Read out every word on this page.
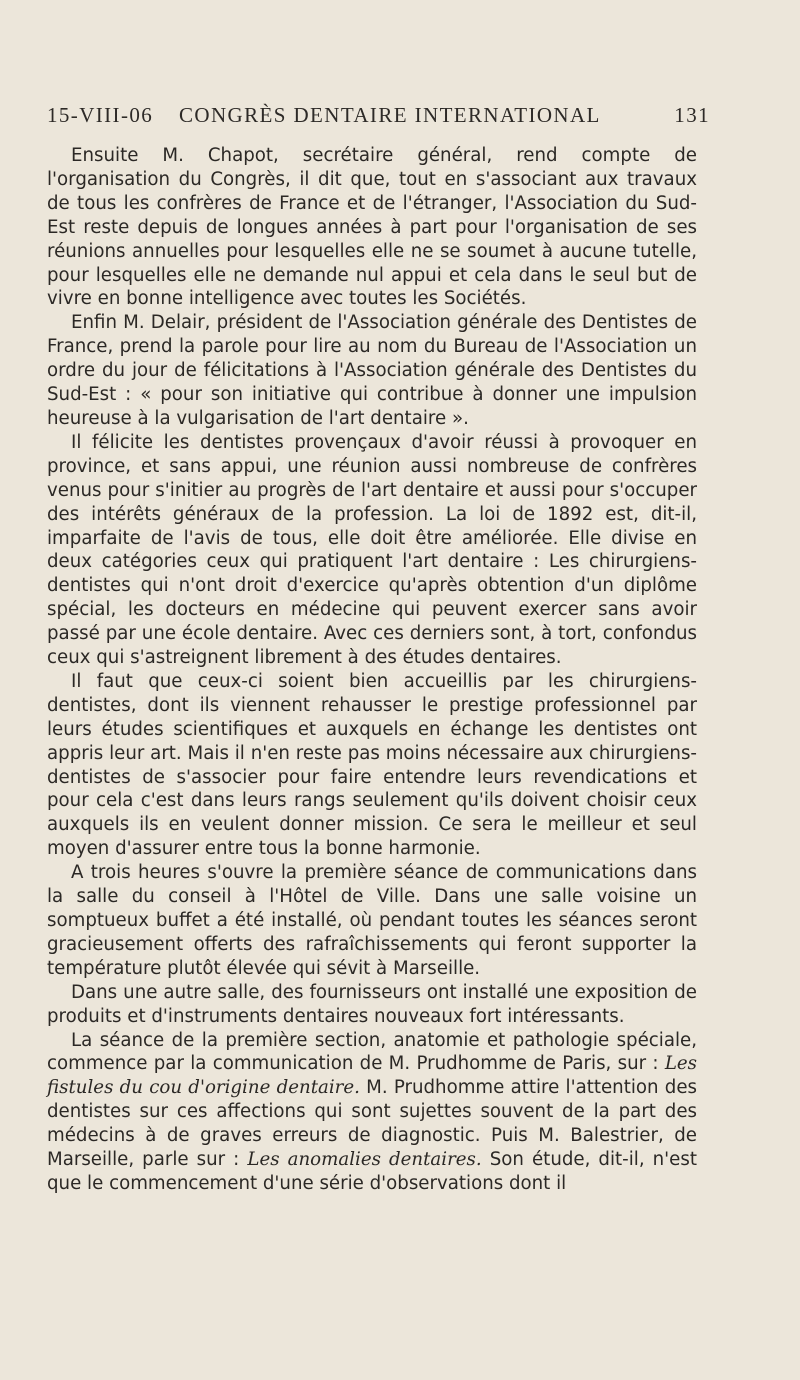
15-VIII-06 CONGRÈS DENTAIRE INTERNATIONAL	131

Ensuite M. Chapot, secrétaire général, rend compte de l'organisation du Congrès, il dit que, tout en s'associant aux travaux de tous les confrères de France et de l'étranger, l'Association du Sud-Est reste depuis de longues années à part pour l'organisation de ses réunions annuelles pour lesquelles elle ne se soumet à aucune tutelle, pour lesquelles elle ne demande nul appui et cela dans le seul but de vivre en bonne intelligence avec toutes les Sociétés.

Enfin M. Delair, président de l'Association générale des Dentistes de France, prend la parole pour lire au nom du Bureau de l'Association un ordre du jour de félicitations à l'Association générale des Dentistes du Sud-Est : « pour son initiative qui contribue à donner une impulsion heureuse à la vulgarisation de l'art dentaire ».

Il félicite les dentistes provençaux d'avoir réussi à provoquer en province, et sans appui, une réunion aussi nombreuse de confrères venus pour s'initier au progrès de l'art dentaire et aussi pour s'occuper des intérêts généraux de la profession. La loi de 1892 est, dit-il, imparfaite de l'avis de tous, elle doit être améliorée. Elle divise en deux catégories ceux qui pratiquent l'art dentaire : Les chirurgiens-dentistes qui n'ont droit d'exercice qu'après obtention d'un diplôme spécial, les docteurs en médecine qui peuvent exercer sans avoir passé par une école dentaire. Avec ces derniers sont, à tort, confondus ceux qui s'astreignent librement à des études dentaires.

Il faut que ceux-ci soient bien accueillis par les chirurgiens-dentistes, dont ils viennent rehausser le prestige professionnel par leurs études scientifiques et auxquels en échange les dentistes ont appris leur art. Mais il n'en reste pas moins nécessaire aux chirurgiens-dentistes de s'associer pour faire entendre leurs revendications et pour cela c'est dans leurs rangs seulement qu'ils doivent choisir ceux auxquels ils en veulent donner mission. Ce sera le meilleur et seul moyen d'assurer entre tous la bonne harmonie.

A trois heures s'ouvre la première séance de communications dans la salle du conseil à l'Hôtel de Ville. Dans une salle voisine un somptueux buffet a été installé, où pendant toutes les séances seront gracieusement offerts des rafraîchissements qui feront supporter la température plutôt élevée qui sévit à Marseille.

Dans une autre salle, des fournisseurs ont installé une exposition de produits et d'instruments dentaires nouveaux fort intéressants.

La séance de la première section, anatomie et pathologie spéciale, commence par la communication de M. Prudhomme de Paris, sur : Les fistules du cou d'origine dentaire. M. Prudhomme attire l'attention des dentistes sur ces affections qui sont sujettes souvent de la part des médecins à de graves erreurs de diagnostic. Puis M. Balestrier, de Marseille, parle sur : Les anomalies dentaires. Son étude, dit-il, n'est que le commencement d'une série d'observations dont il
